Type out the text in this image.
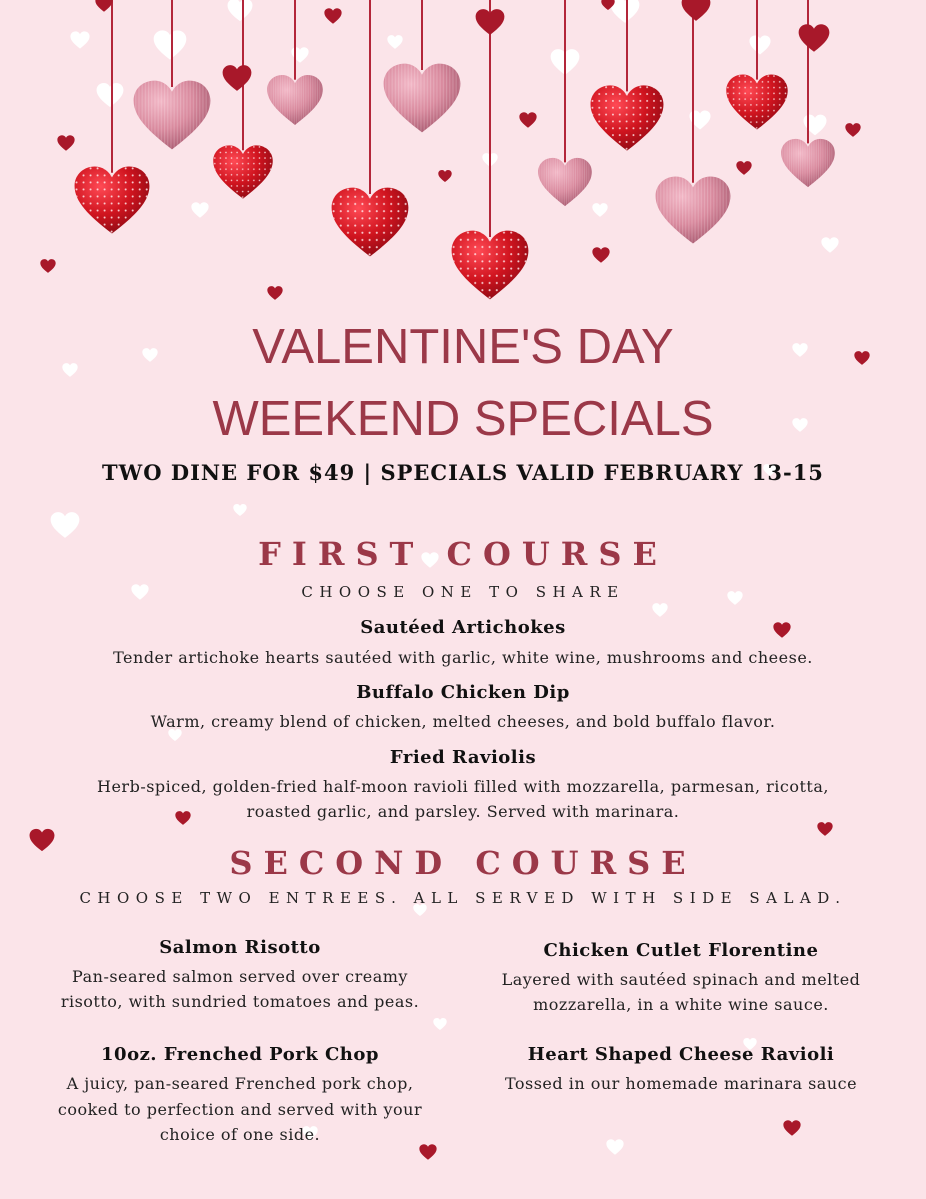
VALENTINE'S DAY
WEEKEND SPECIALS
TWO DINE FOR $49 | SPECIALS VALID FEBRUARY 13-15
FIRST COURSE
CHOOSE ONE TO SHARE
Sautéed Artichokes
Tender artichoke hearts sautéed with garlic, white wine, mushrooms and cheese.
Buffalo Chicken Dip
Warm, creamy blend of chicken, melted cheeses, and bold buffalo flavor.
Fried Raviolis
Herb-spiced, golden-fried half-moon ravioli filled with mozzarella, parmesan, ricotta,
roasted garlic, and parsley. Served with marinara.
SECOND COURSE
CHOOSE TWO ENTREES. ALL SERVED WITH SIDE SALAD.
Salmon Risotto
Pan-seared salmon served over creamy
risotto, with sundried tomatoes and peas.
10oz. Frenched Pork Chop
A juicy, pan-seared Frenched pork chop,
cooked to perfection and served with your
choice of one side.
Chicken Cutlet Florentine
Layered with sautéed spinach and melted
mozzarella, in a white wine sauce.
Heart Shaped Cheese Ravioli
Tossed in our homemade marinara sauce
